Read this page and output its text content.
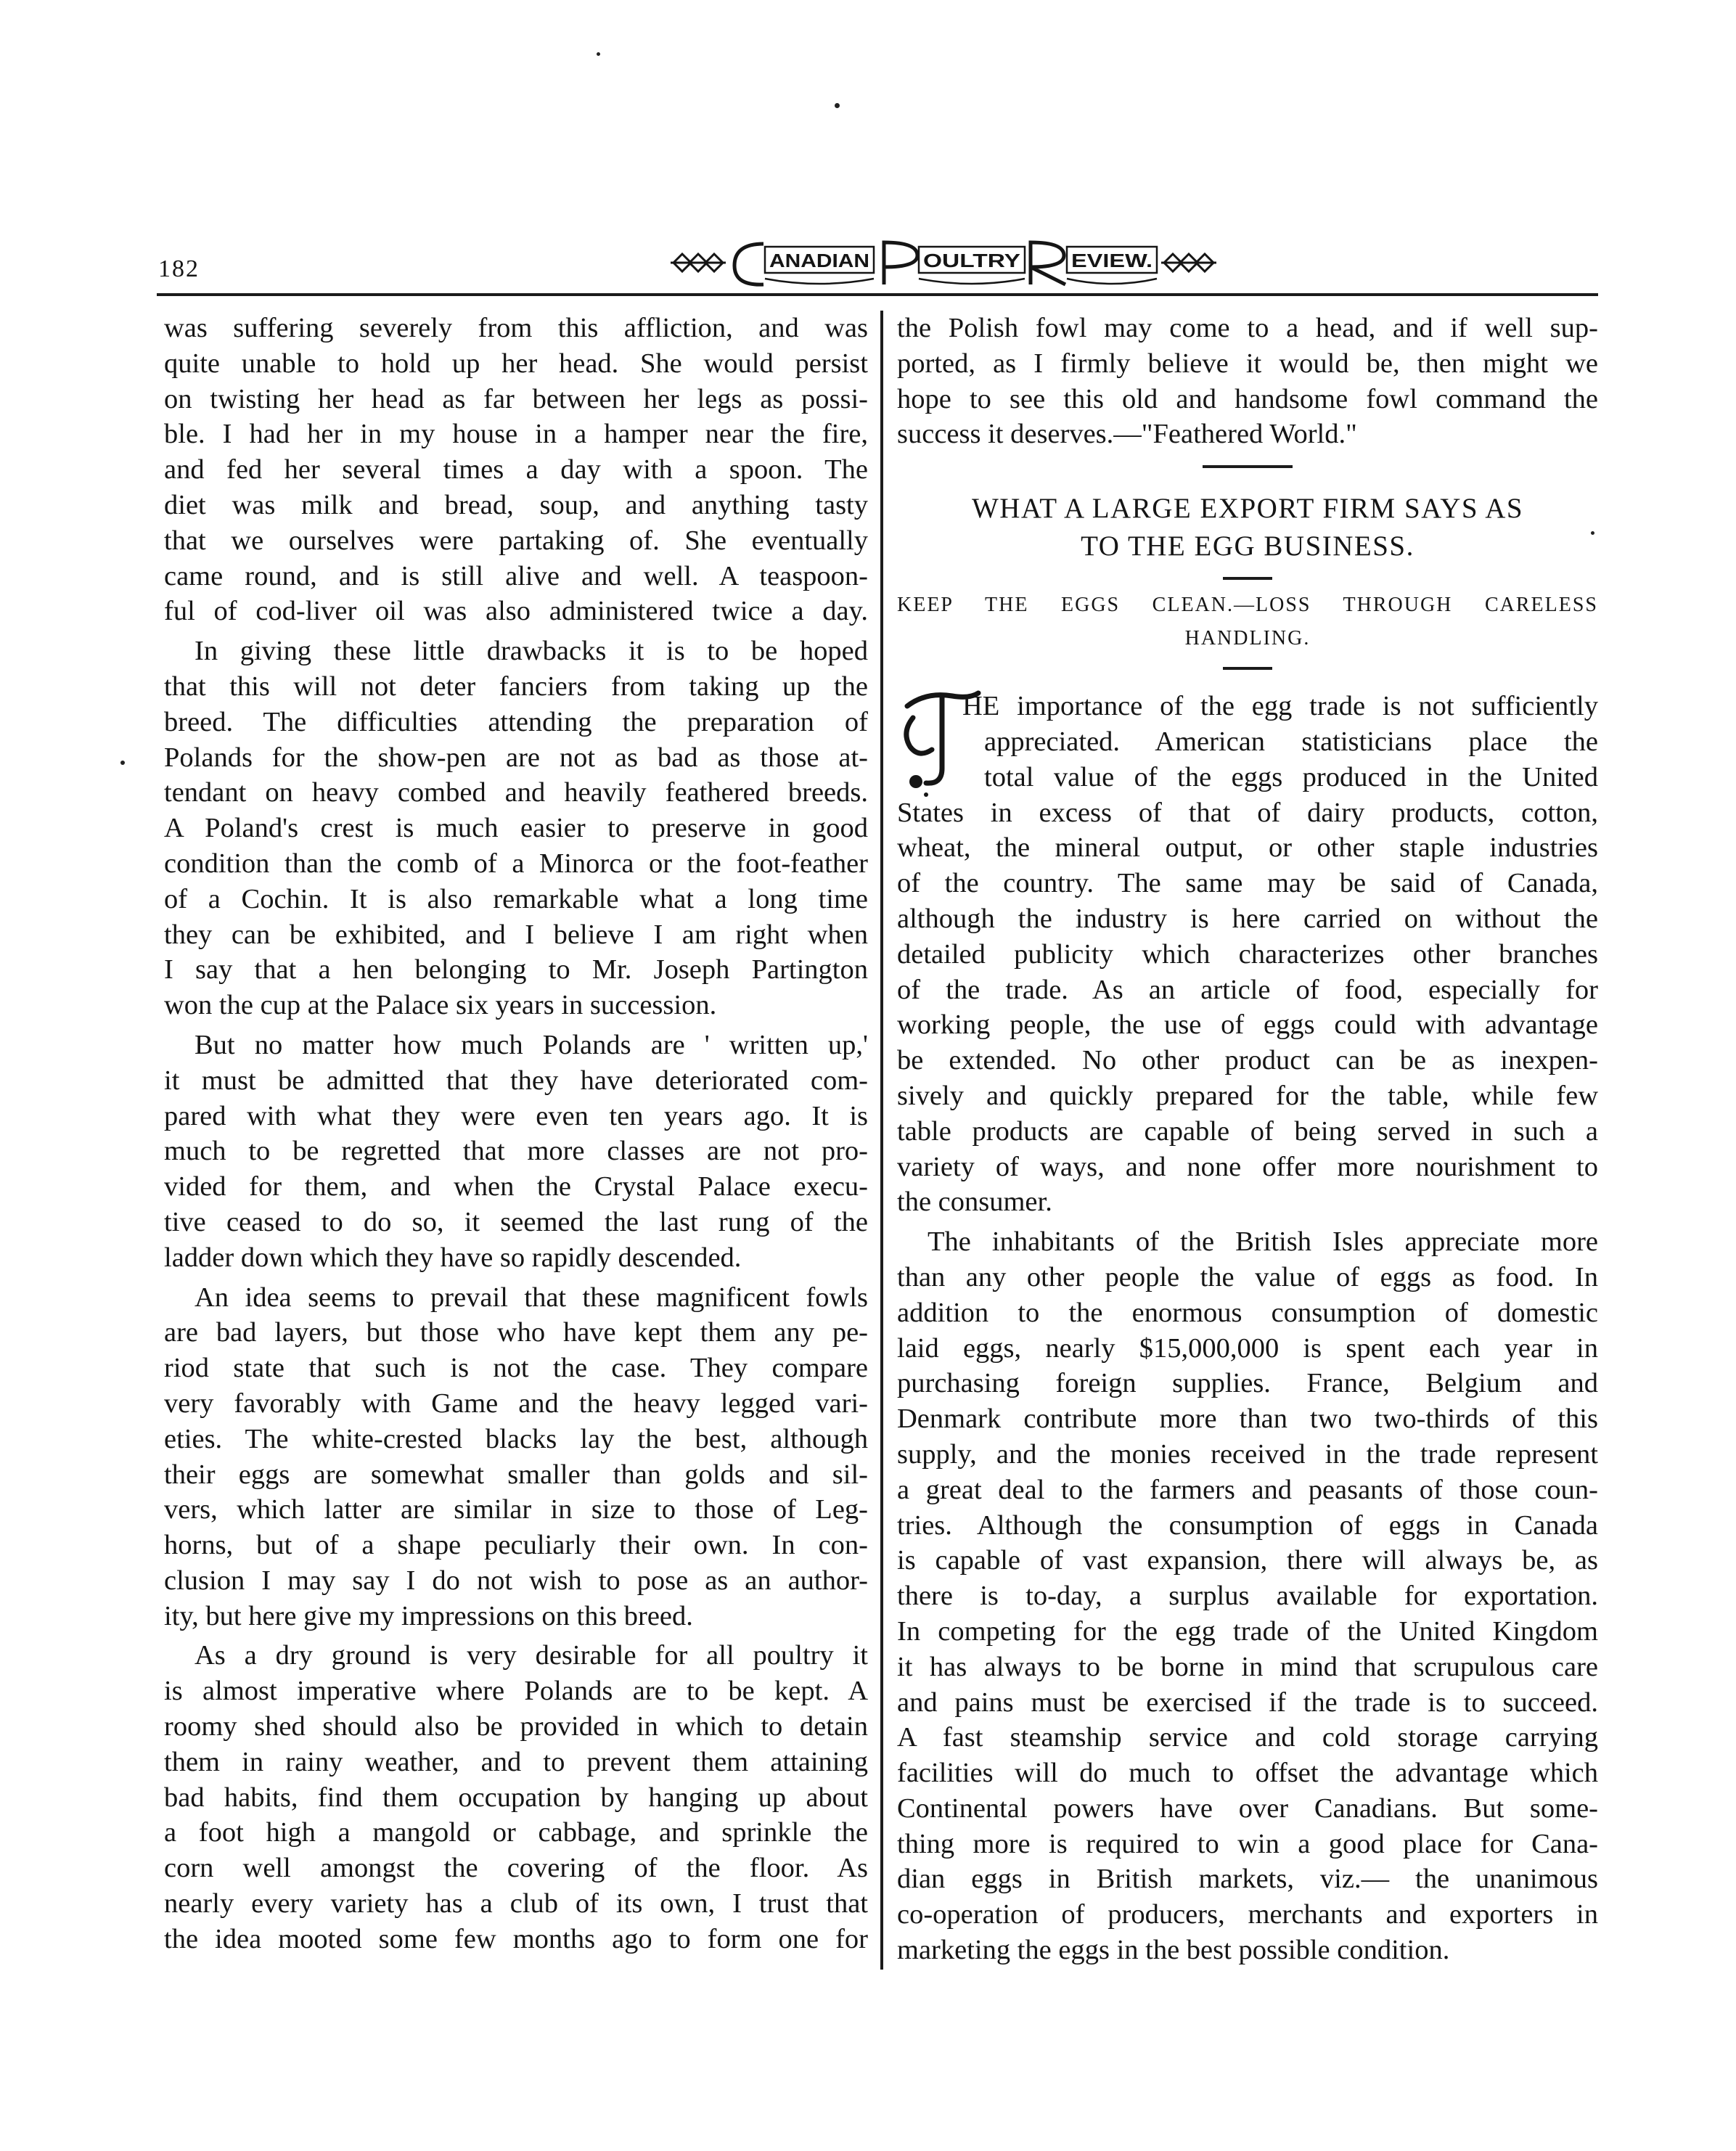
182	ANADIAN	OULTRY	EVIEW.
was suffering severely from this affliction, and was
quite unable to hold up her head. She would persist
on twisting her head as far between her legs as possi-
ble. I had her in my house in a hamper near the fire,
and fed her several times a day with a spoon. The
diet was milk and bread, soup, and anything tasty
that we ourselves were partaking of. She eventually
came round, and is still alive and well. A teaspoon-
ful of cod-liver oil was also administered twice a day.
In giving these little drawbacks it is to be hoped
that this will not deter fanciers from taking up the
breed. The difficulties attending the preparation of
Polands for the show-pen are not as bad as those at-
tendant on heavy combed and heavily feathered breeds.
A Poland's crest is much easier to preserve in good
condition than the comb of a Minorca or the foot-feather
of a Cochin. It is also remarkable what a long time
they can be exhibited, and I believe I am right when
I say that a hen belonging to Mr. Joseph Partington
won the cup at the Palace six years in succession.
But no matter how much Polands are ' written up,'
it must be admitted that they have deteriorated com-
pared with what they were even ten years ago. It is
much to be regretted that more classes are not pro-
vided for them, and when the Crystal Palace execu-
tive ceased to do so, it seemed the last rung of the
ladder down which they have so rapidly descended.
An idea seems to prevail that these magnificent fowls
are bad layers, but those who have kept them any pe-
riod state that such is not the case. They compare
very favorably with Game and the heavy legged vari-
eties. The white-crested blacks lay the best, although
their eggs are somewhat smaller than golds and sil-
vers, which latter are similar in size to those of Leg-
horns, but of a shape peculiarly their own. In con-
clusion I may say I do not wish to pose as an author-
ity, but here give my impressions on this breed.
As a dry ground is very desirable for all poultry it
is almost imperative where Polands are to be kept. A
roomy shed should also be provided in which to detain
them in rainy weather, and to prevent them attaining
bad habits, find them occupation by hanging up about
a foot high a mangold or cabbage, and sprinkle the
corn well amongst the covering of the floor. As
nearly every variety has a club of its own, I trust that
the idea mooted some few months ago to form one for
the Polish fowl may come to a head, and if well sup-
ported, as I firmly believe it would be, then might we
hope to see this old and handsome fowl command the
success it deserves.—"Feathered World."
WHAT A LARGE EXPORT FIRM SAYS AS
TO THE EGG BUSINESS.
KEEP THE EGGS CLEAN.—LOSS THROUGH CARELESS
HANDLING.
T
HE importance of the egg trade is not sufficiently
appreciated. American statisticians place the
total value of the eggs produced in the United
States in excess of that of dairy products, cotton,
wheat, the mineral output, or other staple industries
of the country. The same may be said of Canada,
although the industry is here carried on without the
detailed publicity which characterizes other branches
of the trade. As an article of food, especially for
working people, the use of eggs could with advantage
be extended. No other product can be as inexpen-
sively and quickly prepared for the table, while few
table products are capable of being served in such a
variety of ways, and none offer more nourishment to
the consumer.
The inhabitants of the British Isles appreciate more
than any other people the value of eggs as food. In
addition to the enormous consumption of domestic
laid eggs, nearly $15,000,000 is spent each year in
purchasing foreign supplies. France, Belgium and
Denmark contribute more than two two-thirds of this
supply, and the monies received in the trade represent
a great deal to the farmers and peasants of those coun-
tries. Although the consumption of eggs in Canada
is capable of vast expansion, there will always be, as
there is to-day, a surplus available for exportation.
In competing for the egg trade of the United Kingdom
it has always to be borne in mind that scrupulous care
and pains must be exercised if the trade is to succeed.
A fast steamship service and cold storage carrying
facilities will do much to offset the advantage which
Continental powers have over Canadians. But some-
thing more is required to win a good place for Cana-
dian eggs in British markets, viz.— the unanimous
co-operation of producers, merchants and exporters in
marketing the eggs in the best possible condition.
